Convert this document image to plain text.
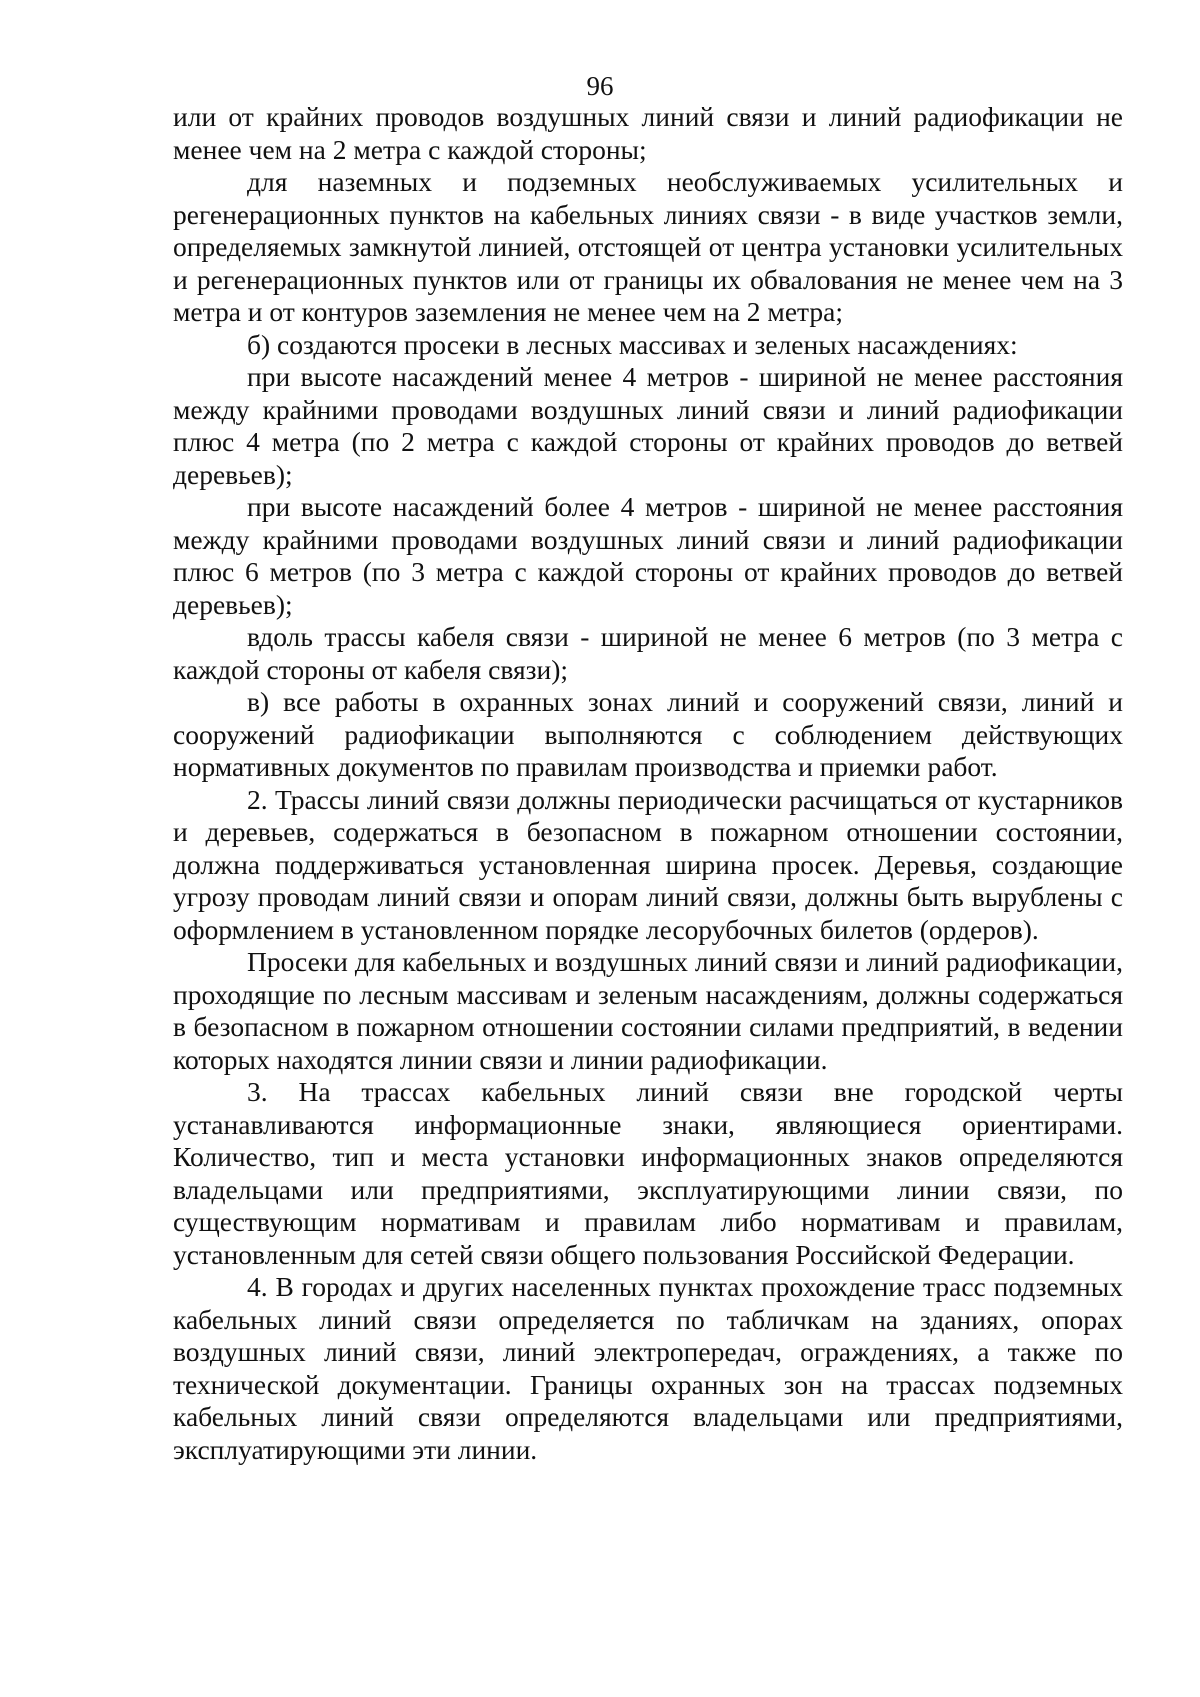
96

или от крайних проводов воздушных линий связи и линий радиофикации не менее чем на 2 метра с каждой стороны;

для наземных и подземных необслуживаемых усилительных и регенерационных пунктов на кабельных линиях связи - в виде участков земли, определяемых замкнутой линией, отстоящей от центра установки усилительных и регенерационных пунктов или от границы их обвалования не менее чем на 3 метра и от контуров заземления не менее чем на 2 метра;

б) создаются просеки в лесных массивах и зеленых насаждениях:

при высоте насаждений менее 4 метров - шириной не менее расстояния между крайними проводами воздушных линий связи и линий радиофикации плюс 4 метра (по 2 метра с каждой стороны от крайних проводов до ветвей деревьев);

при высоте насаждений более 4 метров - шириной не менее расстояния между крайними проводами воздушных линий связи и линий радиофикации плюс 6 метров (по 3 метра с каждой стороны от крайних проводов до ветвей деревьев);

вдоль трассы кабеля связи - шириной не менее 6 метров (по 3 метра с каждой стороны от кабеля связи);

в) все работы в охранных зонах линий и сооружений связи, линий и сооружений радиофикации выполняются с соблюдением действующих нормативных документов по правилам производства и приемки работ.

2. Трассы линий связи должны периодически расчищаться от кустарников и деревьев, содержаться в безопасном в пожарном отношении состоянии, должна поддерживаться установленная ширина просек. Деревья, создающие угрозу проводам линий связи и опорам линий связи, должны быть вырублены с оформлением в установленном порядке лесорубочных билетов (ордеров).

Просеки для кабельных и воздушных линий связи и линий радиофикации, проходящие по лесным массивам и зеленым насаждениям, должны содержаться в безопасном в пожарном отношении состоянии силами предприятий, в ведении которых находятся линии связи и линии радиофикации.

3. На трассах кабельных линий связи вне городской черты устанавливаются информационные знаки, являющиеся ориентирами. Количество, тип и места установки информационных знаков определяются владельцами или предприятиями, эксплуатирующими линии связи, по существующим нормативам и правилам либо нормативам и правилам, установленным для сетей связи общего пользования Российской Федерации.

4. В городах и других населенных пунктах прохождение трасс подземных кабельных линий связи определяется по табличкам на зданиях, опорах воздушных линий связи, линий электропередач, ограждениях, а также по технической документации. Границы охранных зон на трассах подземных кабельных линий связи определяются владельцами или предприятиями, эксплуатирующими эти линии.
